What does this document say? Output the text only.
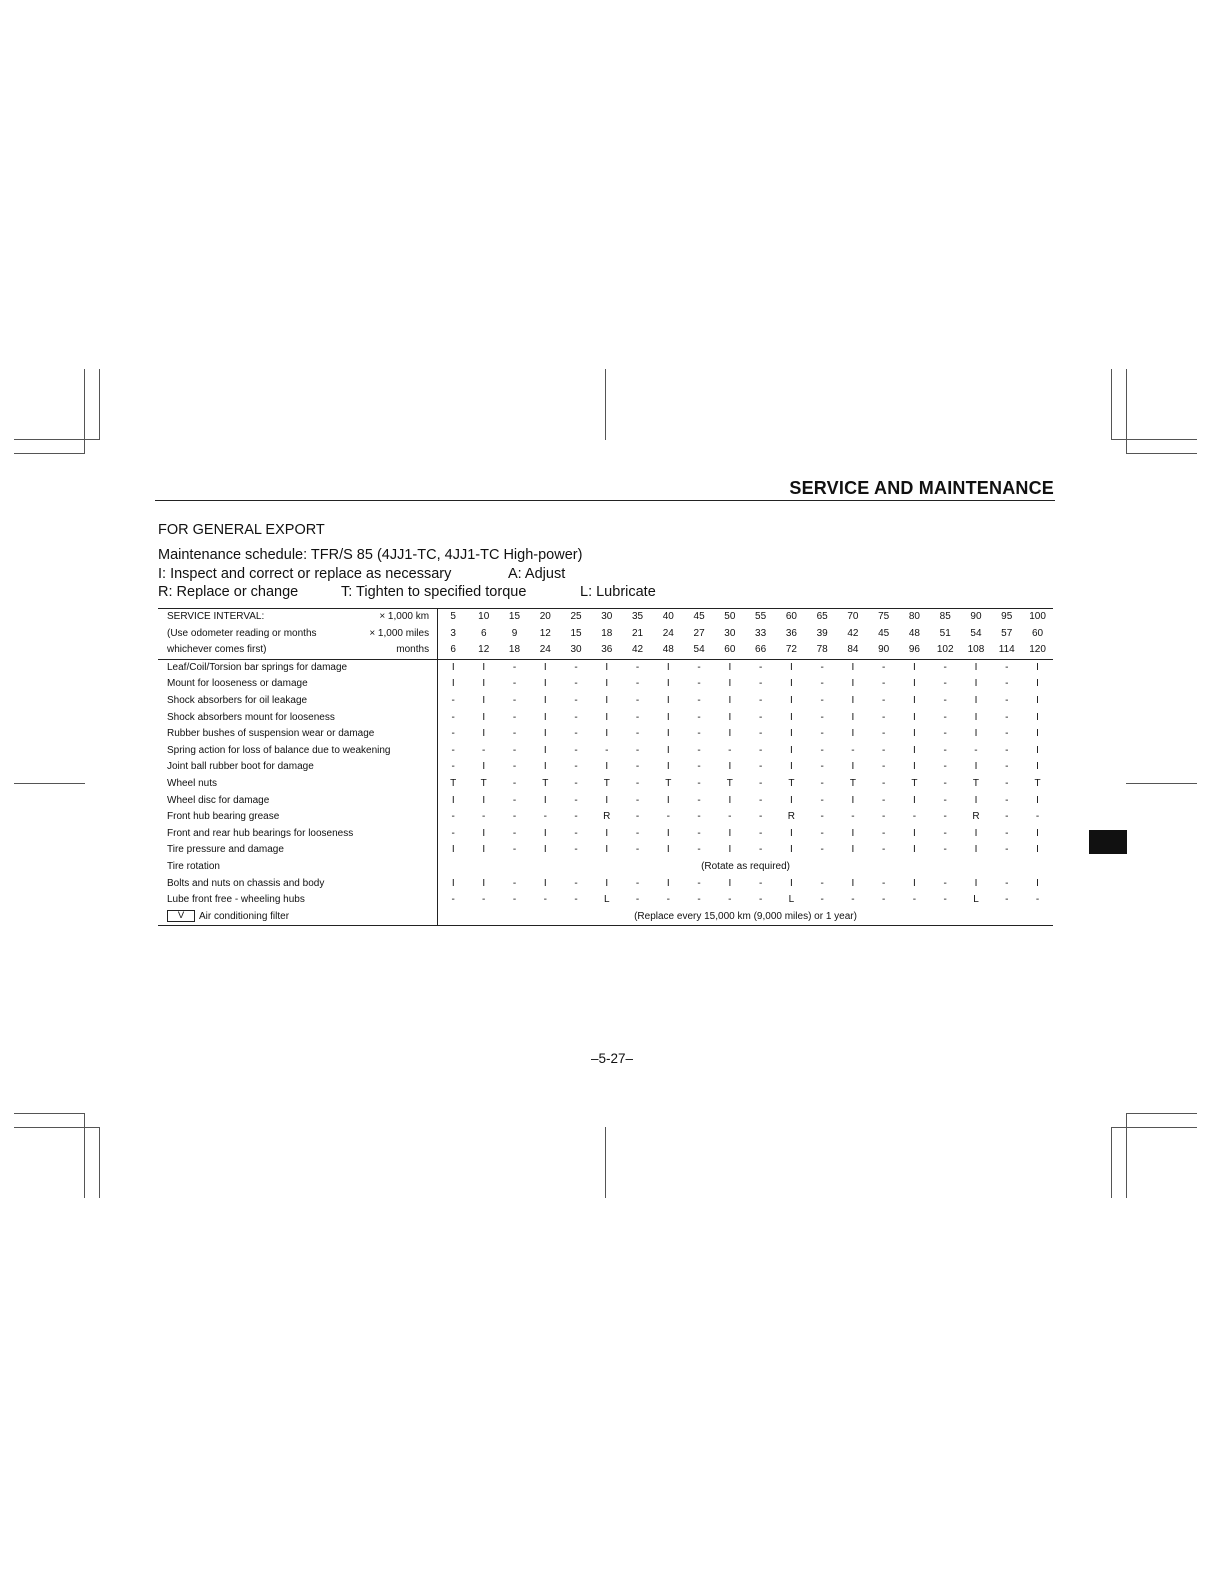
SERVICE AND MAINTENANCE
FOR GENERAL EXPORT
Maintenance schedule: TFR/S 85 (4JJ1-TC, 4JJ1-TC High-power)
I: Inspect and correct or replace as necessary	A: Adjust
R: Replace or change	T: Tighten to specified torque	L: Lubricate
SERVICE INTERVAL:	× 1,000 km	5	10	15	20	25	30	35	40	45	50	55	60	65	70	75	80	85	90	95	100
(Use odometer reading or months	× 1,000 miles	3	6	9	12	15	18	21	24	27	30	33	36	39	42	45	48	51	54	57	60
whichever comes first)	months	6	12	18	24	30	36	42	48	54	60	66	72	78	84	90	96	102	108	114	120
Leaf/Coil/Torsion bar springs for damage		I	I	-	I	-	I	-	I	-	I	-	I	-	I	-	I	-	I	-	I
Mount for looseness or damage		I	I	-	I	-	I	-	I	-	I	-	I	-	I	-	I	-	I	-	I
Shock absorbers for oil leakage		-	I	-	I	-	I	-	I	-	I	-	I	-	I	-	I	-	I	-	I
Shock absorbers mount for looseness		-	I	-	I	-	I	-	I	-	I	-	I	-	I	-	I	-	I	-	I
Rubber bushes of suspension wear or damage		-	I	-	I	-	I	-	I	-	I	-	I	-	I	-	I	-	I	-	I
Spring action for loss of balance due to weakening		-	-	-	I	-	-	-	I	-	-	-	I	-	-	-	I	-	-	-	I
Joint ball rubber boot for damage		-	I	-	I	-	I	-	I	-	I	-	I	-	I	-	I	-	I	-	I
Wheel nuts		T	T	-	T	-	T	-	T	-	T	-	T	-	T	-	T	-	T	-	T
Wheel disc for damage		I	I	-	I	-	I	-	I	-	I	-	I	-	I	-	I	-	I	-	I
Front hub bearing grease		-	-	-	-	-	R	-	-	-	-	-	R	-	-	-	-	-	R	-	-
Front and rear hub bearings for looseness		-	I	-	I	-	I	-	I	-	I	-	I	-	I	-	I	-	I	-	I
Tire pressure and damage		I	I	-	I	-	I	-	I	-	I	-	I	-	I	-	I	-	I	-	I
Tire rotation		(Rotate as required)																			
Bolts and nuts on chassis and body		I	I	-	I	-	I	-	I	-	I	-	I	-	I	-	I	-	I	-	I
Lube front free - wheeling hubs		-	-	-	-	-	L	-	-	-	-	-	L	-	-	-	-	-	L	-	-
V Air conditioning filter		(Replace every 15,000 km (9,000 miles) or 1 year)																			
–5-27–
